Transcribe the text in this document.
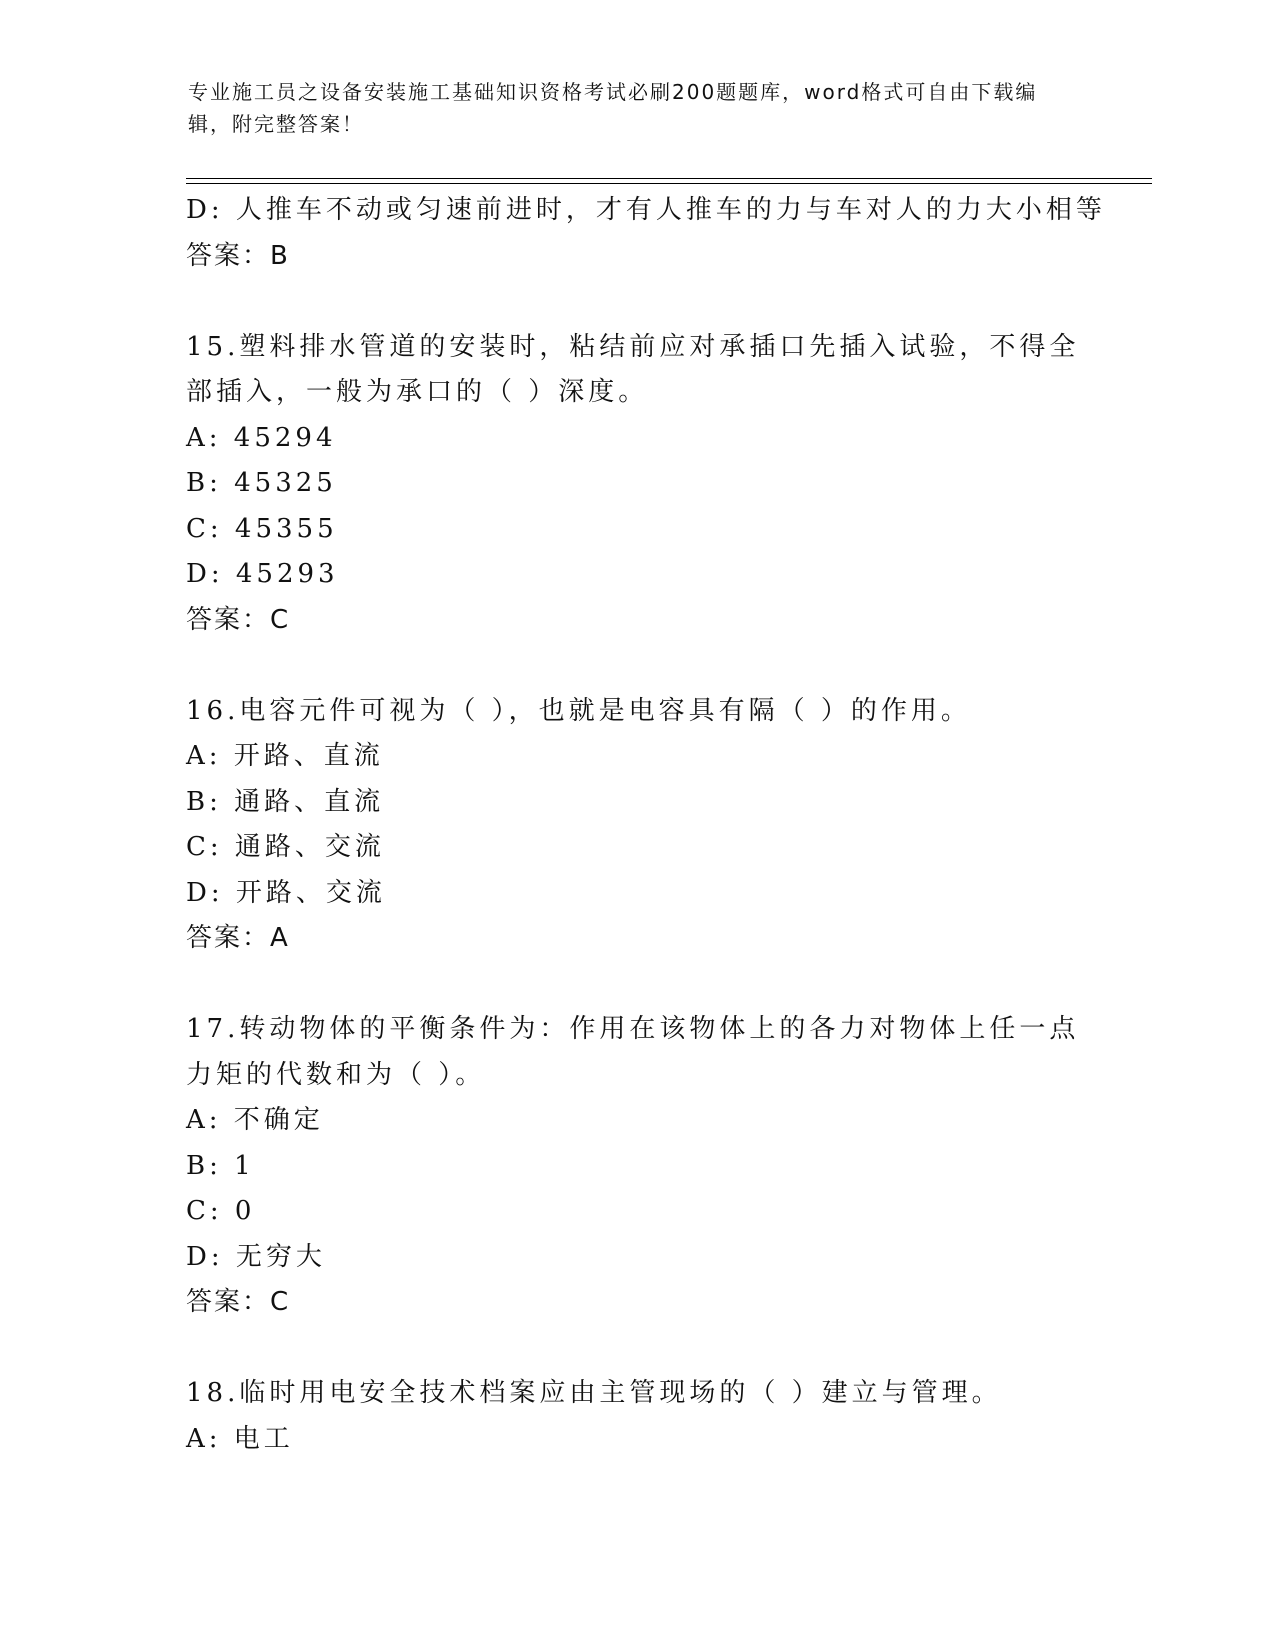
专业施工员之设备安装施工基础知识资格考试必刷200题题库，word格式可自由下载编辑，附完整答案！
D: 人推车不动或匀速前进时，才有人推车的力与车对人的力大小相等
答案：B
15.塑料排水管道的安装时，粘结前应对承插口先插入试验，不得全部插入，一般为承口的（ ）深度。
A: 45294
B: 45325
C: 45355
D: 45293
答案：C
16.电容元件可视为（ ），也就是电容具有隔（ ）的作用。
A: 开路、直流
B: 通路、直流
C: 通路、交流
D: 开路、交流
答案：A
17.转动物体的平衡条件为：作用在该物体上的各力对物体上任一点力矩的代数和为（ ）。
A: 不确定
B: 1
C: 0
D: 无穷大
答案：C
18.临时用电安全技术档案应由主管现场的（ ）建立与管理。
A: 电工
